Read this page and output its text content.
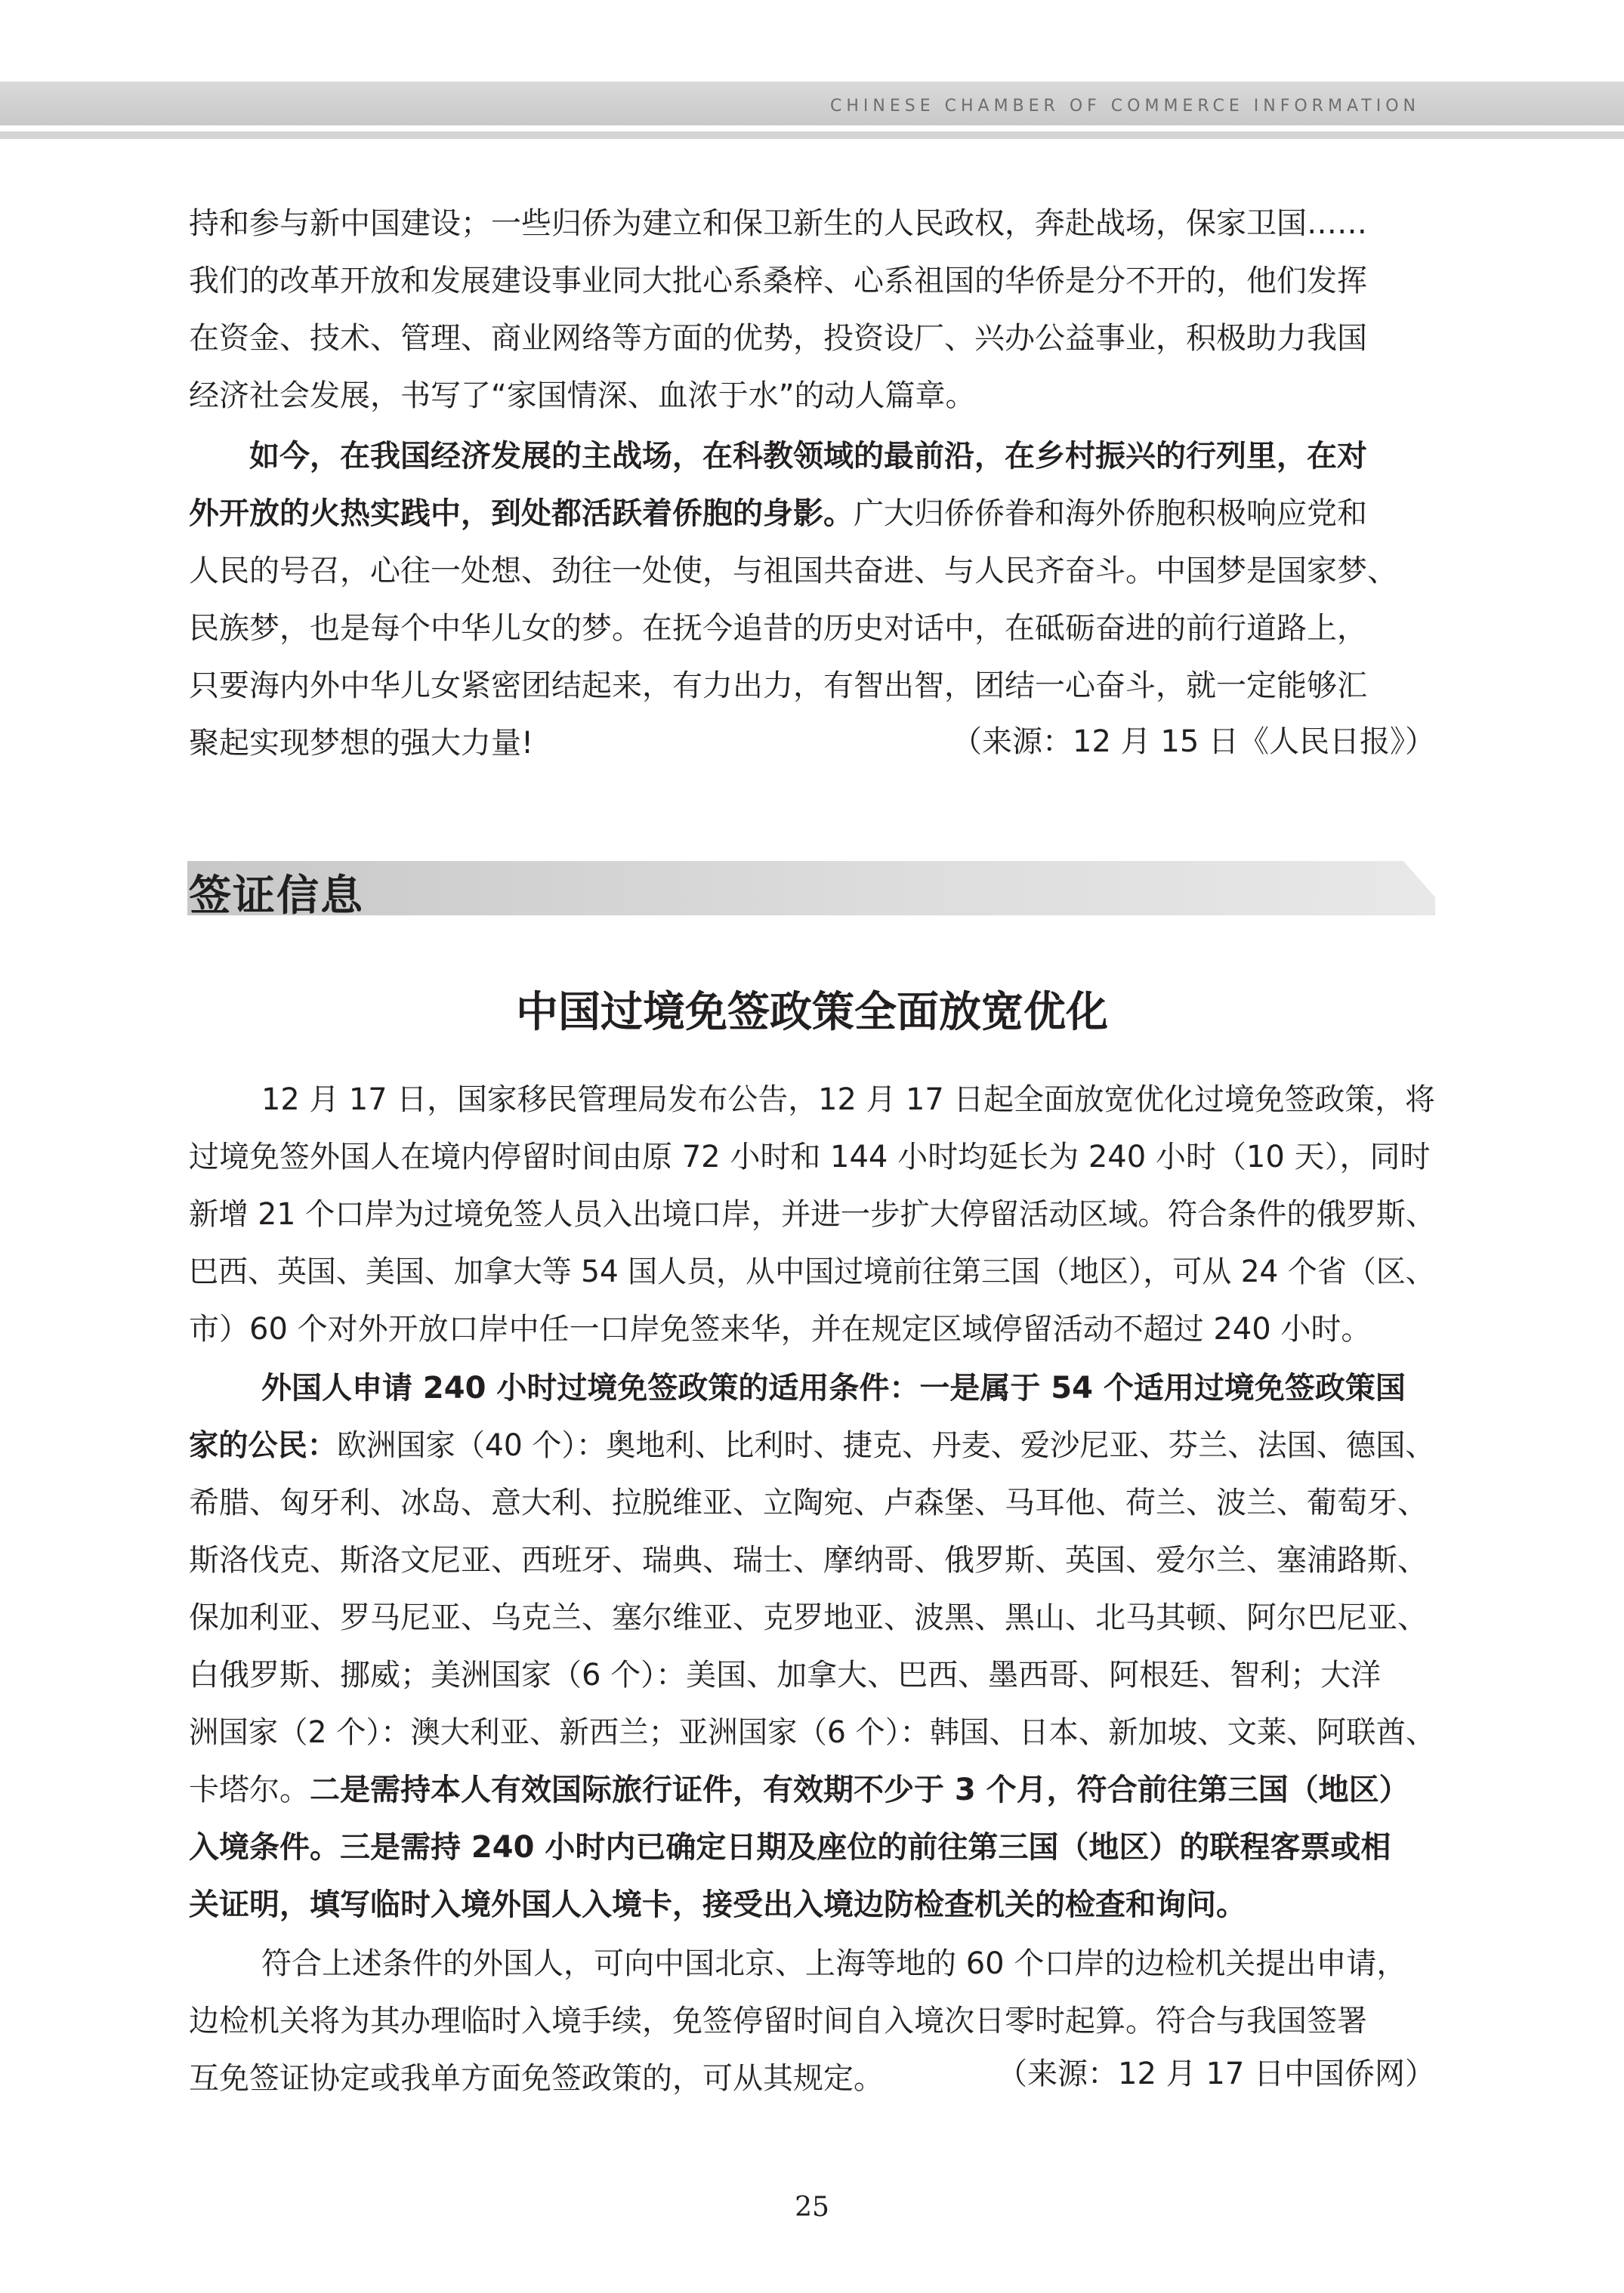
CHINESE CHAMBER OF COMMERCE INFORMATION
持和参与新中国建设；一些归侨为建立和保卫新生的人民政权，奔赴战场，保家卫国……
我们的改革开放和发展建设事业同大批心系桑梓、心系祖国的华侨是分不开的，他们发挥
在资金、技术、管理、商业网络等方面的优势，投资设厂、兴办公益事业，积极助力我国
经济社会发展，书写了“家国情深、血浓于水”的动人篇章。
如今，在我国经济发展的主战场，在科教领域的最前沿，在乡村振兴的行列里，在对
外开放的火热实践中，到处都活跃着侨胞的身影。广大归侨侨眷和海外侨胞积极响应党和
人民的号召，心往一处想、劲往一处使，与祖国共奋进、与人民齐奋斗。中国梦是国家梦、
民族梦，也是每个中华儿女的梦。在抚今追昔的历史对话中，在砥砺奋进的前行道路上，
只要海内外中华儿女紧密团结起来，有力出力，有智出智，团结一心奋斗，就一定能够汇
聚起实现梦想的强大力量!	（来源：12 月 15 日《人民日报》）
签证信息
中国过境免签政策全面放宽优化
12 月 17 日，国家移民管理局发布公告，12 月 17 日起全面放宽优化过境免签政策，将
过境免签外国人在境内停留时间由原 72 小时和 144 小时均延长为 240 小时（10 天），同时
新增 21 个口岸为过境免签人员入出境口岸，并进一步扩大停留活动区域。符合条件的俄罗斯、
巴西、英国、美国、加拿大等 54 国人员，从中国过境前往第三国（地区），可从 24 个省（区、
市）60 个对外开放口岸中任一口岸免签来华，并在规定区域停留活动不超过 240 小时。
外国人申请 240 小时过境免签政策的适用条件：一是属于 54 个适用过境免签政策国
家的公民：欧洲国家（40 个）：奥地利、比利时、捷克、丹麦、爱沙尼亚、芬兰、法国、德国、
希腊、匈牙利、冰岛、意大利、拉脱维亚、立陶宛、卢森堡、马耳他、荷兰、波兰、葡萄牙、
斯洛伐克、斯洛文尼亚、西班牙、瑞典、瑞士、摩纳哥、俄罗斯、英国、爱尔兰、塞浦路斯、
保加利亚、罗马尼亚、乌克兰、塞尔维亚、克罗地亚、波黑、黑山、北马其顿、阿尔巴尼亚、
白俄罗斯、挪威；美洲国家（6 个）：美国、加拿大、巴西、墨西哥、阿根廷、智利；大洋
洲国家（2 个）：澳大利亚、新西兰；亚洲国家（6 个）：韩国、日本、新加坡、文莱、阿联酋、
卡塔尔。二是需持本人有效国际旅行证件，有效期不少于 3 个月，符合前往第三国（地区）
入境条件。三是需持 240 小时内已确定日期及座位的前往第三国（地区）的联程客票或相
关证明，填写临时入境外国人入境卡，接受出入境边防检查机关的检查和询问。
符合上述条件的外国人，可向中国北京、上海等地的 60 个口岸的边检机关提出申请，
边检机关将为其办理临时入境手续，免签停留时间自入境次日零时起算。符合与我国签署
互免签证协定或我单方面免签政策的，可从其规定。	（来源：12 月 17 日中国侨网）
25
